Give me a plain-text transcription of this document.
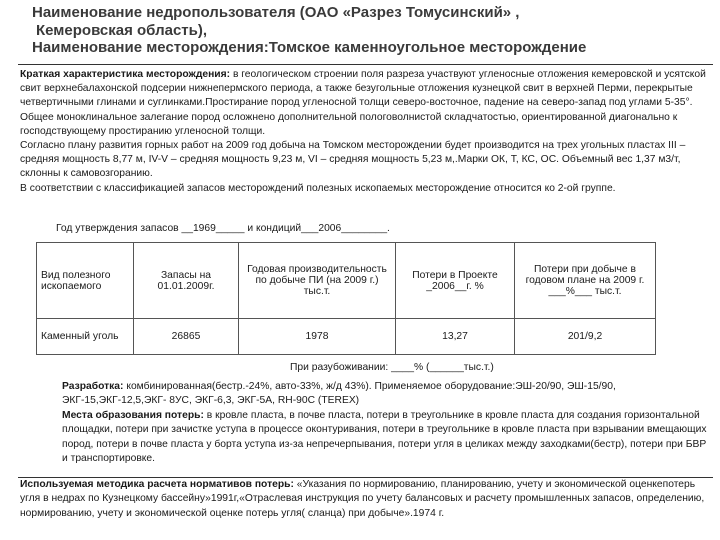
Наименование недропользователя (ОАО «Разрез Томусинский» ,
Кемеровская область),
Наименование месторождения:Томское каменноугольное месторождение
Краткая характеристика месторождения: в геологическом строении поля разреза участвуют угленосные отложения кемеровской и усятской свит верхнебалахонской подсерии нижнепермского периода, а также безугольные отложения кузнецкой свит в верхней Перми, перекрытые четвертичными глинами и суглинками.Простирание пород угленосной толщи северо-восточное, падение на северо-запад под углами 5-35°. Общее моноклинальное залегание пород осложнено дополнительной пологоволнистой складчатостью, ориентированной диагонально к господствующему простиранию угленосной толщи.
Согласно плану развития горных работ на 2009 год добыча на Томском месторождении будет производится на трех угольных пластах III – средняя мощность 8,77 м, IV-V – средняя мощность 9,23 м, VI – средняя мощность 5,23 м,.Марки ОК, Т, КС, ОС. Объемный вес 1,37 м3/т, склонны к самовозгоранию.
В соответствии с классификацией запасов месторождений полезных ископаемых месторождение относится ко 2-ой группе.
Год утверждения запасов __1969_____ и кондиций___2006________.
Вид полезного ископаемого	Запасы на 01.01.2009г.	Годовая производительность по добыче ПИ (на 2009 г.) тыс.т.	Потери в Проекте _2006__г. %	Потери при добыче в годовом плане на 2009 г. ___%___ тыс.т.
Каменный уголь	26865	1978	13,27	201/9,2
При разубоживании: ____% (______тыс.т.)
Разработка: комбинированная(бестр.-24%, авто-33%, ж/д 43%). Применяемое оборудование:ЭШ-20/90, ЭШ-15/90, ЭКГ-15,ЭКГ-12,5,ЭКГ- 8УС, ЭКГ-6,3, ЭКГ-5А, RH-90С (TEREX)
Места образования потерь: в кровле пласта, в почве пласта, потери в треугольнике в кровле пласта для создания горизонтальной площадки, потери при зачистке уступа в процессе оконтуривания, потери в треугольнике в кровле пласта при взрывании вмещающих пород, потери в почве пласта у борта уступа из-за непречерпывания, потери угля в целиках между заходками(бестр), потери при БВР и транспортировке.
Используемая методика расчета нормативов потерь: «Указания по нормированию, планированию, учету и экономической оценкепотерь угля в недрах по Кузнецкому бассейну»1991г,«Отраслевая инструкция по учету балансовых и расчету промышленных запасов, определению, нормированию, учету и экономической оценке потерь угля( сланца) при добыче».1974 г.
